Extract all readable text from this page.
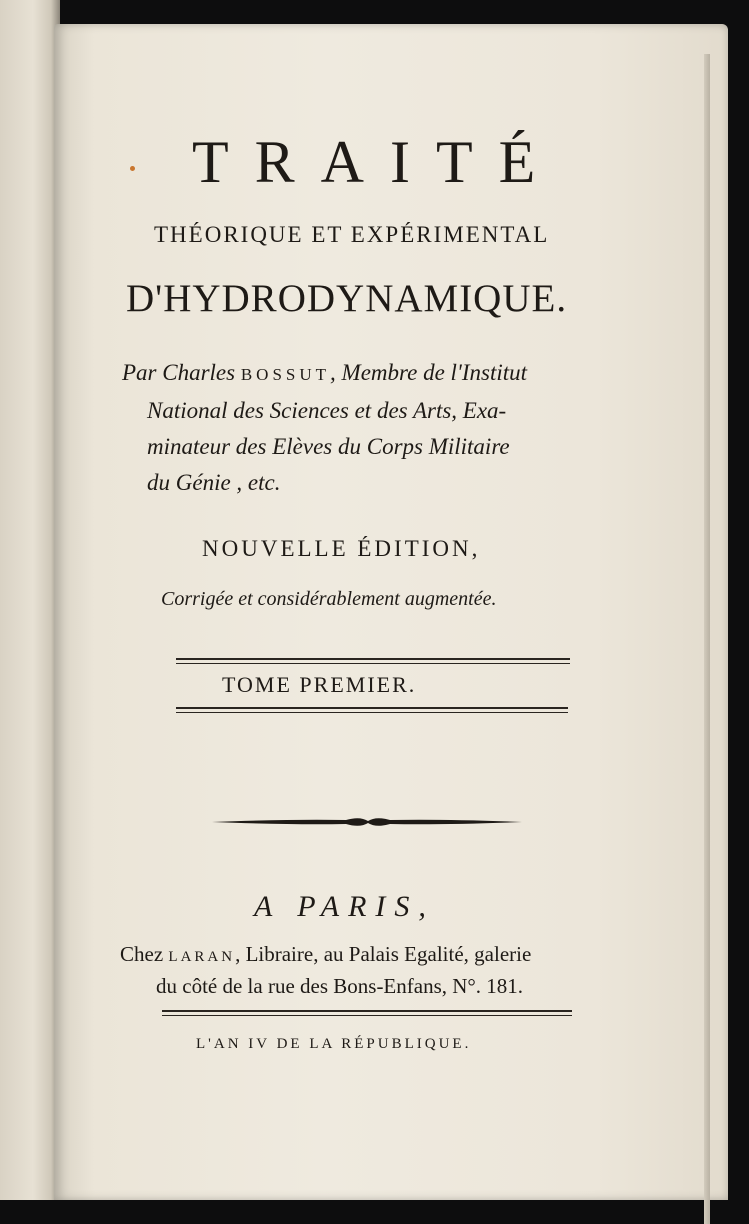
TRAITÉ
THÉORIQUE ET EXPÉRIMENTAL
D'HYDRODYNAMIQUE.
Par Charles BOSSUT, Membre de l'Institut
National des Sciences et des Arts, Exa-
minateur des Elèves du Corps Militaire
du Génie , etc.
NOUVELLE ÉDITION,
Corrigée et considérablement augmentée.
TOME PREMIER.
A PARIS,
Chez LARAN, Libraire, au Palais Egalité, galerie
du côté de la rue des Bons-Enfans, N°. 181.
L'AN IV DE LA RÉPUBLIQUE.
